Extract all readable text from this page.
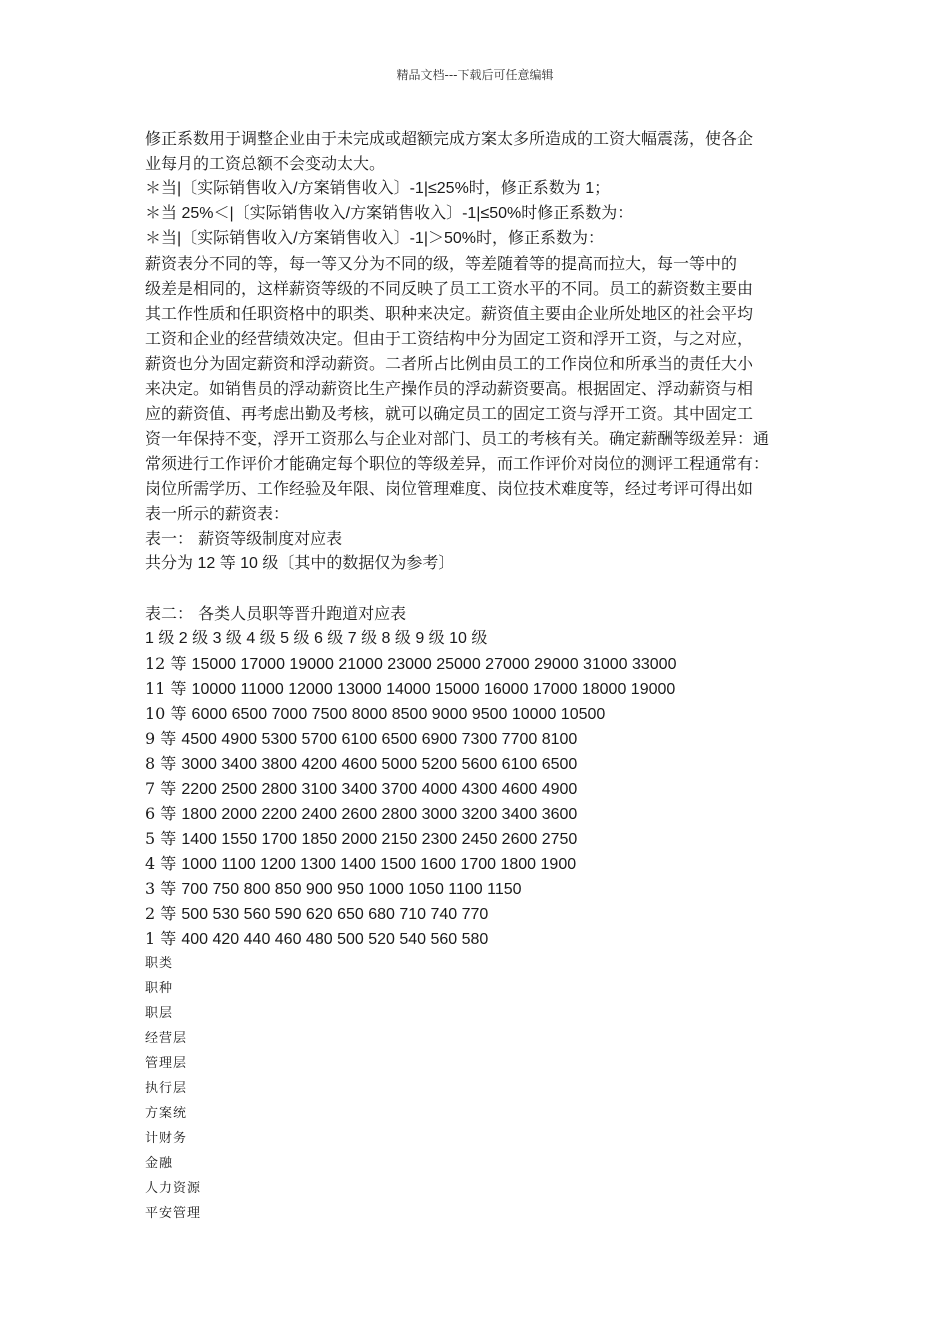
精品文档---下载后可任意编辑
修正系数用于调整企业由于未完成或超额完成方案太多所造成的工资大幅震荡，使各企
业每月的工资总额不会变动太大。
＊当|〔实际销售收入/方案销售收入〕-1|≤25%时，修正系数为 1；
＊当 25%＜|〔实际销售收入/方案销售收入〕-1|≤50%时修正系数为：
＊当|〔实际销售收入/方案销售收入〕-1|＞50%时，修正系数为：
薪资表分不同的等，每一等又分为不同的级，等差随着等的提高而拉大，每一等中的
级差是相同的，这样薪资等级的不同反映了员工工资水平的不同。员工的薪资数主要由
其工作性质和任职资格中的职类、职种来决定。薪资值主要由企业所处地区的社会平均
工资和企业的经营绩效决定。但由于工资结构中分为固定工资和浮开工资，与之对应，
薪资也分为固定薪资和浮动薪资。二者所占比例由员工的工作岗位和所承当的责任大小
来决定。如销售员的浮动薪资比生产操作员的浮动薪资要高。根据固定、浮动薪资与相
应的薪资值、再考虑出勤及考核，就可以确定员工的固定工资与浮开工资。其中固定工
资一年保持不变，浮开工资那么与企业对部门、员工的考核有关。确定薪酬等级差异：通
常须进行工作评价才能确定每个职位的等级差异，而工作评价对岗位的测评工程通常有：
岗位所需学历、工作经验及年限、岗位管理难度、岗位技术难度等，经过考评可得出如
表一所示的薪资表：
表一： 薪资等级制度对应表
共分为 12 等 10 级〔其中的数据仅为参考〕
表二： 各类人员职等晋升跑道对应表
1 级 2 级 3 级 4 级 5 级 6 级 7 级 8 级 9 级 10 级
12 等 15000 17000 19000 21000 23000 25000 27000 29000 31000 33000
11 等 10000 11000 12000 13000 14000 15000 16000 17000 18000 19000
10 等 6000 6500 7000 7500 8000 8500 9000 9500 10000 10500
9 等 4500 4900 5300 5700 6100 6500 6900 7300 7700 8100
8 等 3000 3400 3800 4200 4600 5000 5200 5600 6100 6500
7 等 2200 2500 2800 3100 3400 3700 4000 4300 4600 4900
6 等 1800 2000 2200 2400 2600 2800 3000 3200 3400 3600
5 等 1400 1550 1700 1850 2000 2150 2300 2450 2600 2750
4 等 1000 1100 1200 1300 1400 1500 1600 1700 1800 1900
3 等 700 750 800 850 900 950 1000 1050 1100 1150
2 等 500 530 560 590 620 650 680 710 740 770
1 等 400 420 440 460 480 500 520 540 560 580
职类
职种
职层
经营层
管理层
执行层
方案统
计财务
金融
人力资源
平安管理
